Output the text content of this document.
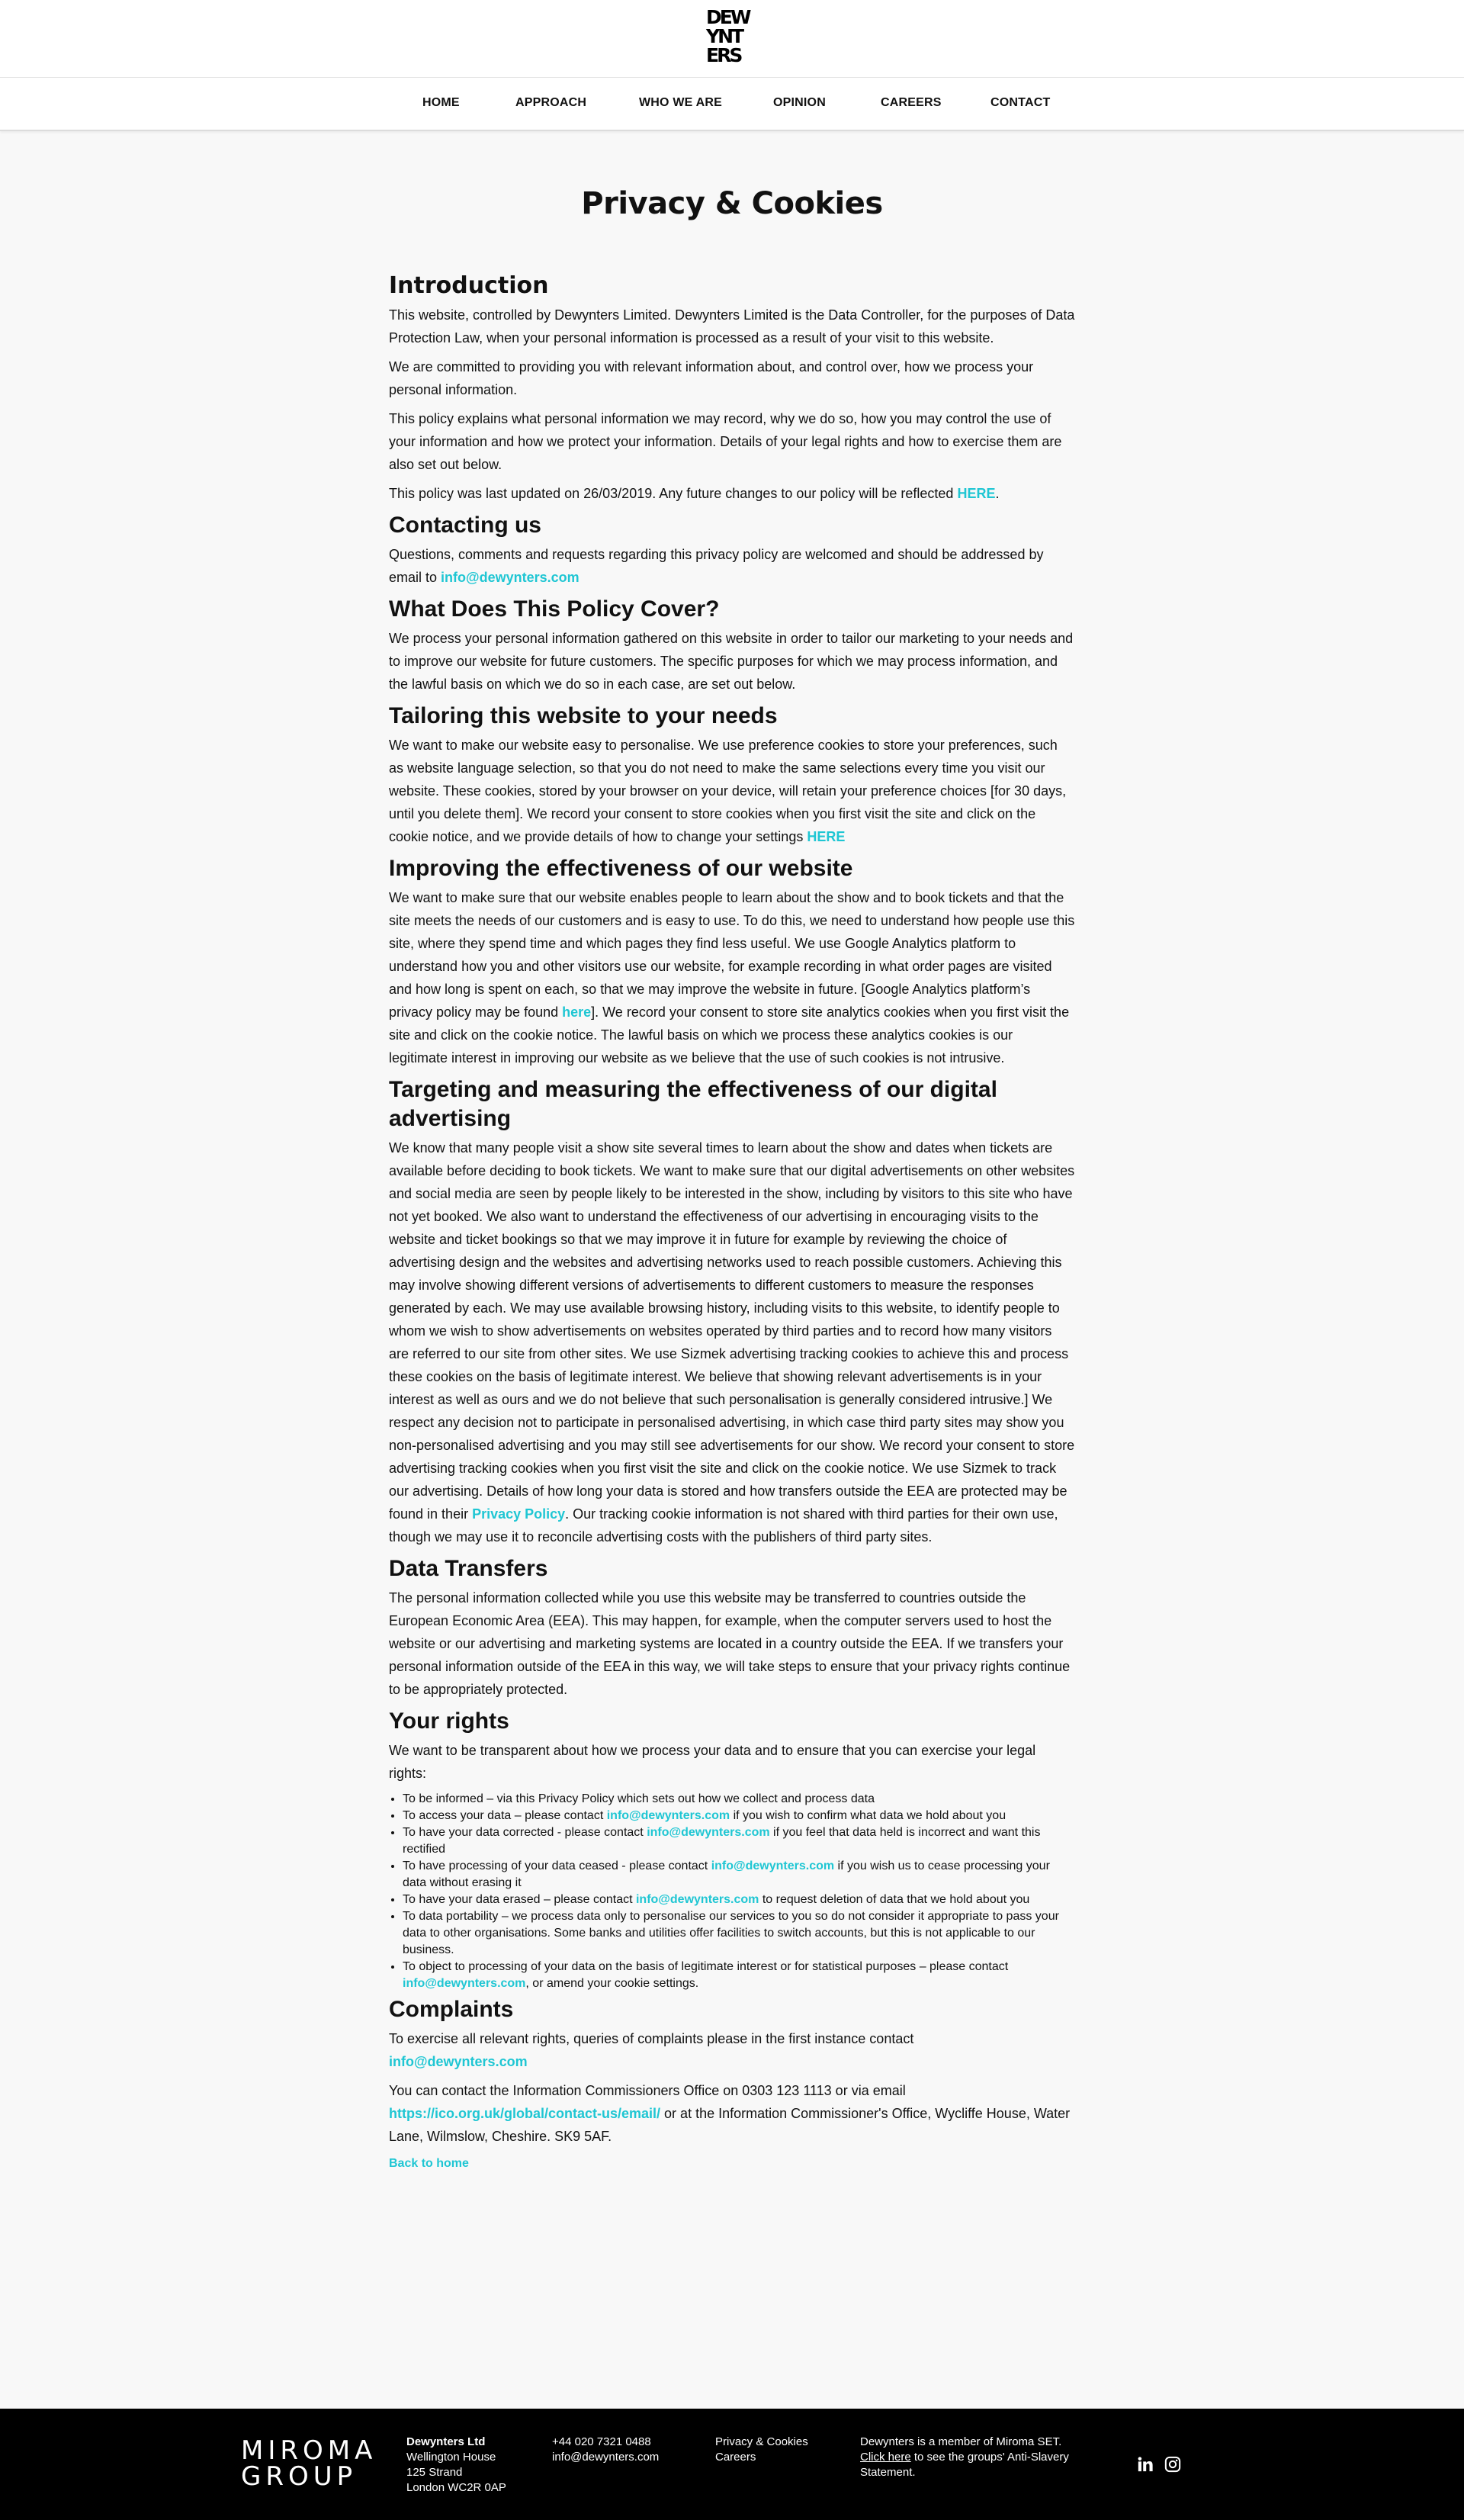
DEW
YNT
ERS
HOME	APPROACH	WHO WE ARE	OPINION	CAREERS	CONTACT
Privacy & Cookies
Introduction

This website, controlled by Dewynters Limited. Dewynters Limited is the Data Controller, for the purposes of Data Protection Law, when your personal information is processed as a result of your visit to this website.

We are committed to providing you with relevant information about, and control over, how we process your personal information.

This policy explains what personal information we may record, why we do so, how you may control the use of your information and how we protect your information. Details of your legal rights and how to exercise them are also set out below.

This policy was last updated on 26/03/2019. Any future changes to our policy will be reflected HERE.

Contacting us

Questions, comments and requests regarding this privacy policy are welcomed and should be addressed by email to info@dewynters.com

What Does This Policy Cover?

We process your personal information gathered on this website in order to tailor our marketing to your needs and to improve our website for future customers. The specific purposes for which we may process information, and the lawful basis on which we do so in each case, are set out below.

Tailoring this website to your needs

We want to make our website easy to personalise. We use preference cookies to store your preferences, such as website language selection, so that you do not need to make the same selections every time you visit our website. These cookies, stored by your browser on your device, will retain your preference choices [for 30 days, until you delete them]. We record your consent to store cookies when you first visit the site and click on the cookie notice, and we provide details of how to change your settings HERE

Improving the effectiveness of our website

We want to make sure that our website enables people to learn about the show and to book tickets and that the site meets the needs of our customers and is easy to use. To do this, we need to understand how people use this site, where they spend time and which pages they find less useful. We use Google Analytics platform to understand how you and other visitors use our website, for example recording in what order pages are visited and how long is spent on each, so that we may improve the website in future. [Google Analytics platform’s privacy policy may be found here]. We record your consent to store site analytics cookies when you first visit the site and click on the cookie notice. The lawful basis on which we process these analytics cookies is our legitimate interest in improving our website as we believe that the use of such cookies is not intrusive.

Targeting and measuring the effectiveness of our digital advertising

We know that many people visit a show site several times to learn about the show and dates when tickets are available before deciding to book tickets. We want to make sure that our digital advertisements on other websites and social media are seen by people likely to be interested in the show, including by visitors to this site who have not yet booked. We also want to understand the effectiveness of our advertising in encouraging visits to the website and ticket bookings so that we may improve it in future for example by reviewing the choice of advertising design and the websites and advertising networks used to reach possible customers. Achieving this may involve showing different versions of advertisements to different customers to measure the responses generated by each. We may use available browsing history, including visits to this website, to identify people to whom we wish to show advertisements on websites operated by third parties and to record how many visitors are referred to our site from other sites. We use Sizmek advertising tracking cookies to achieve this and process these cookies on the basis of legitimate interest. We believe that showing relevant advertisements is in your interest as well as ours and we do not believe that such personalisation is generally considered intrusive.] We respect any decision not to participate in personalised advertising, in which case third party sites may show you non-personalised advertising and you may still see advertisements for our show. We record your consent to store advertising tracking cookies when you first visit the site and click on the cookie notice. We use Sizmek to track our advertising. Details of how long your data is stored and how transfers outside the EEA are protected may be found in their Privacy Policy. Our tracking cookie information is not shared with third parties for their own use, though we may use it to reconcile advertising costs with the publishers of third party sites.

Data Transfers

The personal information collected while you use this website may be transferred to countries outside the European Economic Area (EEA). This may happen, for example, when the computer servers used to host the website or our advertising and marketing systems are located in a country outside the EEA. If we transfers your personal information outside of the EEA in this way, we will take steps to ensure that your privacy rights continue to be appropriately protected.

Your rights

We want to be transparent about how we process your data and to ensure that you can exercise your legal rights:

• To be informed – via this Privacy Policy which sets out how we collect and process data
• To access your data – please contact info@dewynters.com if you wish to confirm what data we hold about you
• To have your data corrected - please contact info@dewynters.com if you feel that data held is incorrect and want this rectified
• To have processing of your data ceased - please contact info@dewynters.com if you wish us to cease processing your data without erasing it
• To have your data erased – please contact info@dewynters.com to request deletion of data that we hold about you
• To data portability – we process data only to personalise our services to you so do not consider it appropriate to pass your data to other organisations. Some banks and utilities offer facilities to switch accounts, but this is not applicable to our business.
• To object to processing of your data on the basis of legitimate interest or for statistical purposes – please contact info@dewynters.com, or amend your cookie settings.
Complaints

To exercise all relevant rights, queries of complaints please in the first instance contact info@dewynters.com

You can contact the Information Commissioners Office on 0303 123 1113 or via email https://ico.org.uk/global/contact-us/email/ or at the Information Commissioner's Office, Wycliffe House, Water Lane, Wilmslow, Cheshire. SK9 5AF.

Back to home
MIROMA
GROUP
Dewynters Ltd
Wellington House
125 Strand
London WC2R 0AP
+44 020 7321 0488
info@dewynters.com
Privacy & Cookies
Careers
Dewynters is a member of Miroma SET.
Click here to see the groups' Anti-Slavery Statement.
